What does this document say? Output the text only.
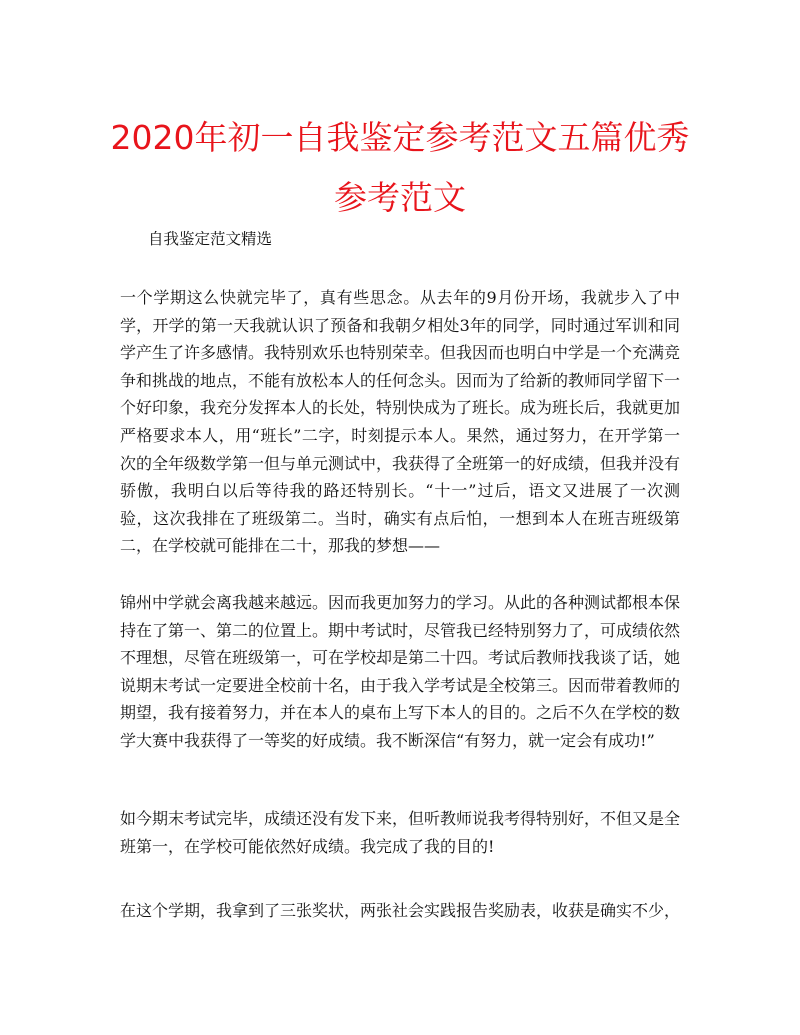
2020年初一自我鉴定参考范文五篇优秀参考范文

自我鉴定范文精选

一个学期这么快就完毕了，真有些思念。从去年的9月份开场，我就步入了中学，开学的第一天我就认识了预备和我朝夕相处3年的同学，同时通过军训和同学产生了许多感情。我特别欢乐也特别荣幸。但我因而也明白中学是一个充满竞争和挑战的地点，不能有放松本人的任何念头。因而为了给新的教师同学留下一个好印象，我充分发挥本人的长处，特别快成为了班长。成为班长后，我就更加严格要求本人，用“班长”二字，时刻提示本人。果然，通过努力，在开学第一次的全年级数学第一但与单元测试中，我获得了全班第一的好成绩，但我并没有骄傲，我明白以后等待我的路还特别长。“十一”过后，语文又进展了一次测验，这次我排在了班级第二。当时，确实有点后怕，一想到本人在班吉班级第二，在学校就可能排在二十，那我的梦想——

锦州中学就会离我越来越远。因而我更加努力的学习。从此的各种测试都根本保持在了第一、第二的位置上。期中考试时，尽管我已经特别努力了，可成绩依然不理想，尽管在班级第一，可在学校却是第二十四。考试后教师找我谈了话，她说期末考试一定要进全校前十名，由于我入学考试是全校第三。因而带着教师的期望，我有接着努力，并在本人的桌布上写下本人的目的。之后不久在学校的数学大赛中我获得了一等奖的好成绩。我不断深信“有努力，就一定会有成功!”

如今期末考试完毕，成绩还没有发下来，但听教师说我考得特别好，不但又是全班第一，在学校可能依然好成绩。我完成了我的目的!

在这个学期，我拿到了三张奖状，两张社会实践报告奖励表，收获是确实不少，
